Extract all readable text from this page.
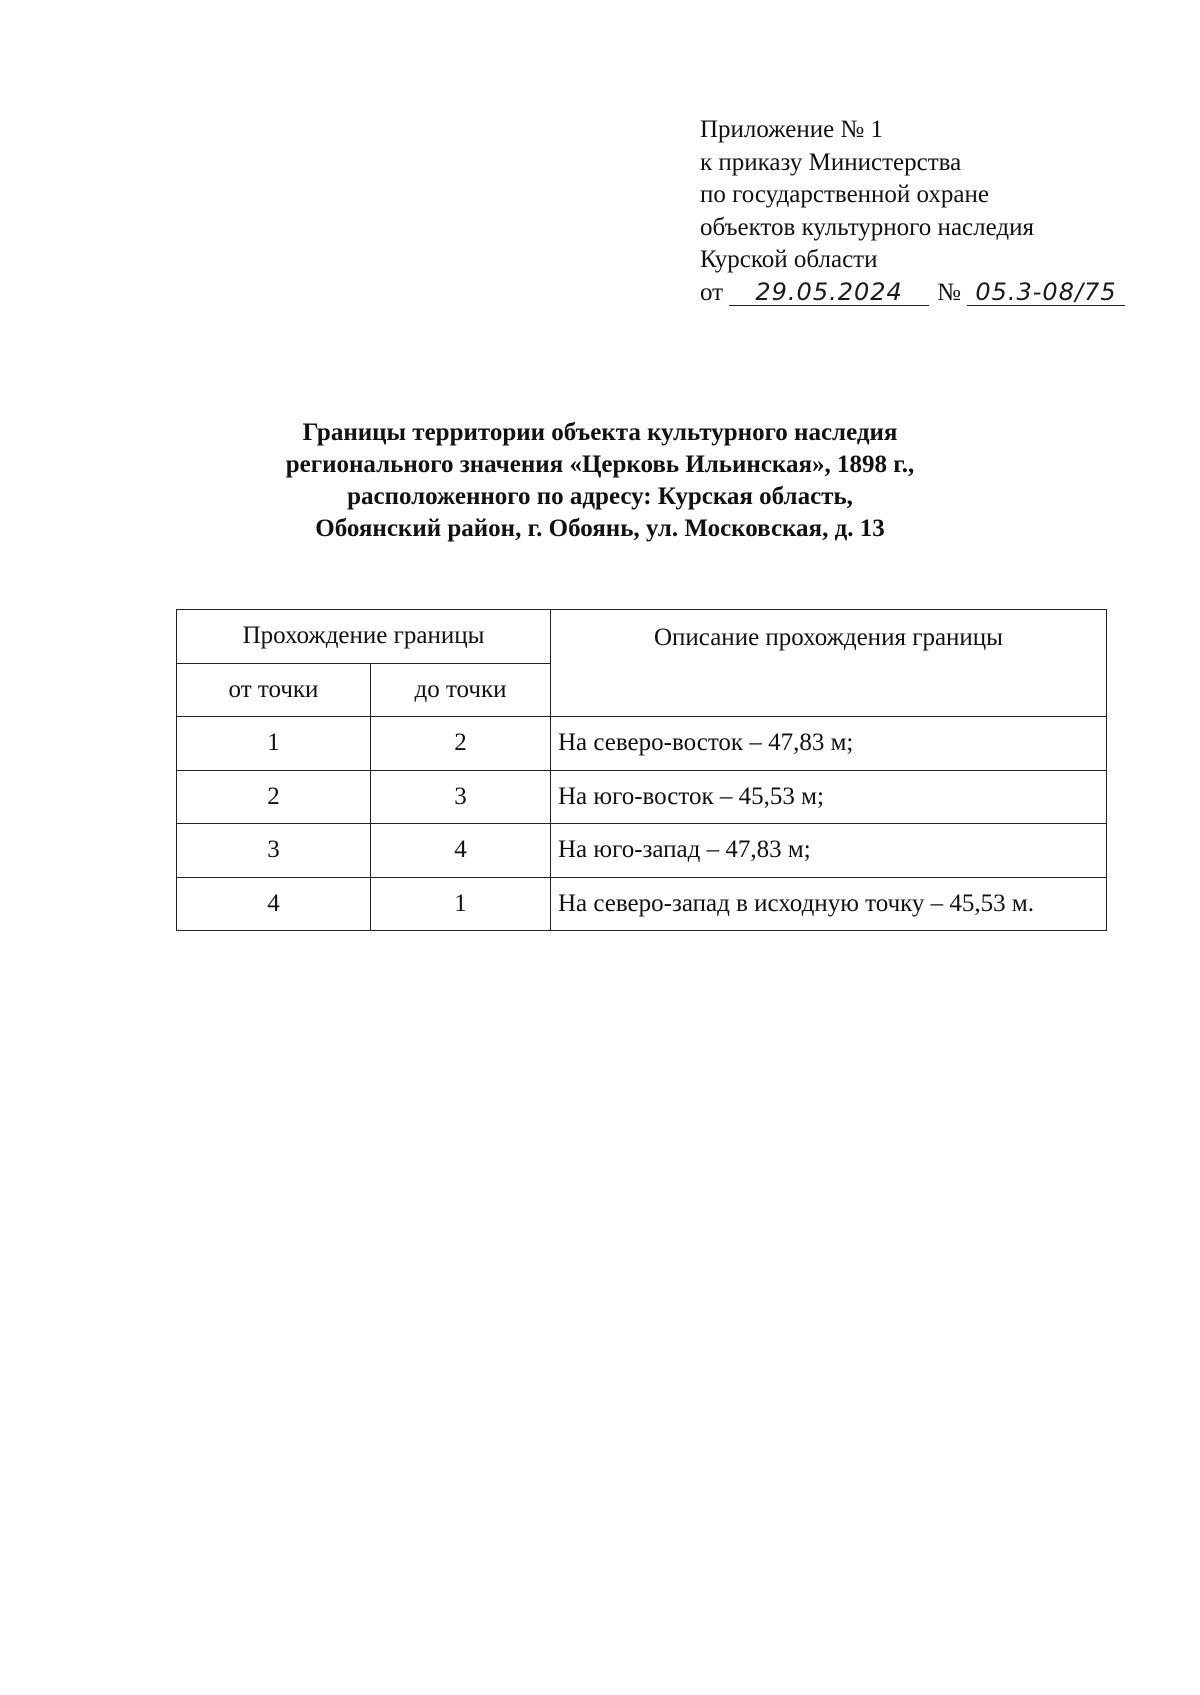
Приложение № 1
к приказу Министерства
по государственной охране
объектов культурного наследия
Курской области
от 29.05.2024 № 05.3-08/75
Границы территории объекта культурного наследия
регионального значения «Церковь Ильинская», 1898 г.,
расположенного по адресу: Курская область,
Обоянский район, г. Обоянь, ул. Московская, д. 13
Прохождение границы		Описание прохождения границы
от точки	до точки	
1	2	На северо-восток – 47,83 м;
2	3	На юго-восток – 45,53 м;
3	4	На юго-запад – 47,83 м;
4	1	На северо-запад в исходную точку – 45,53 м.
